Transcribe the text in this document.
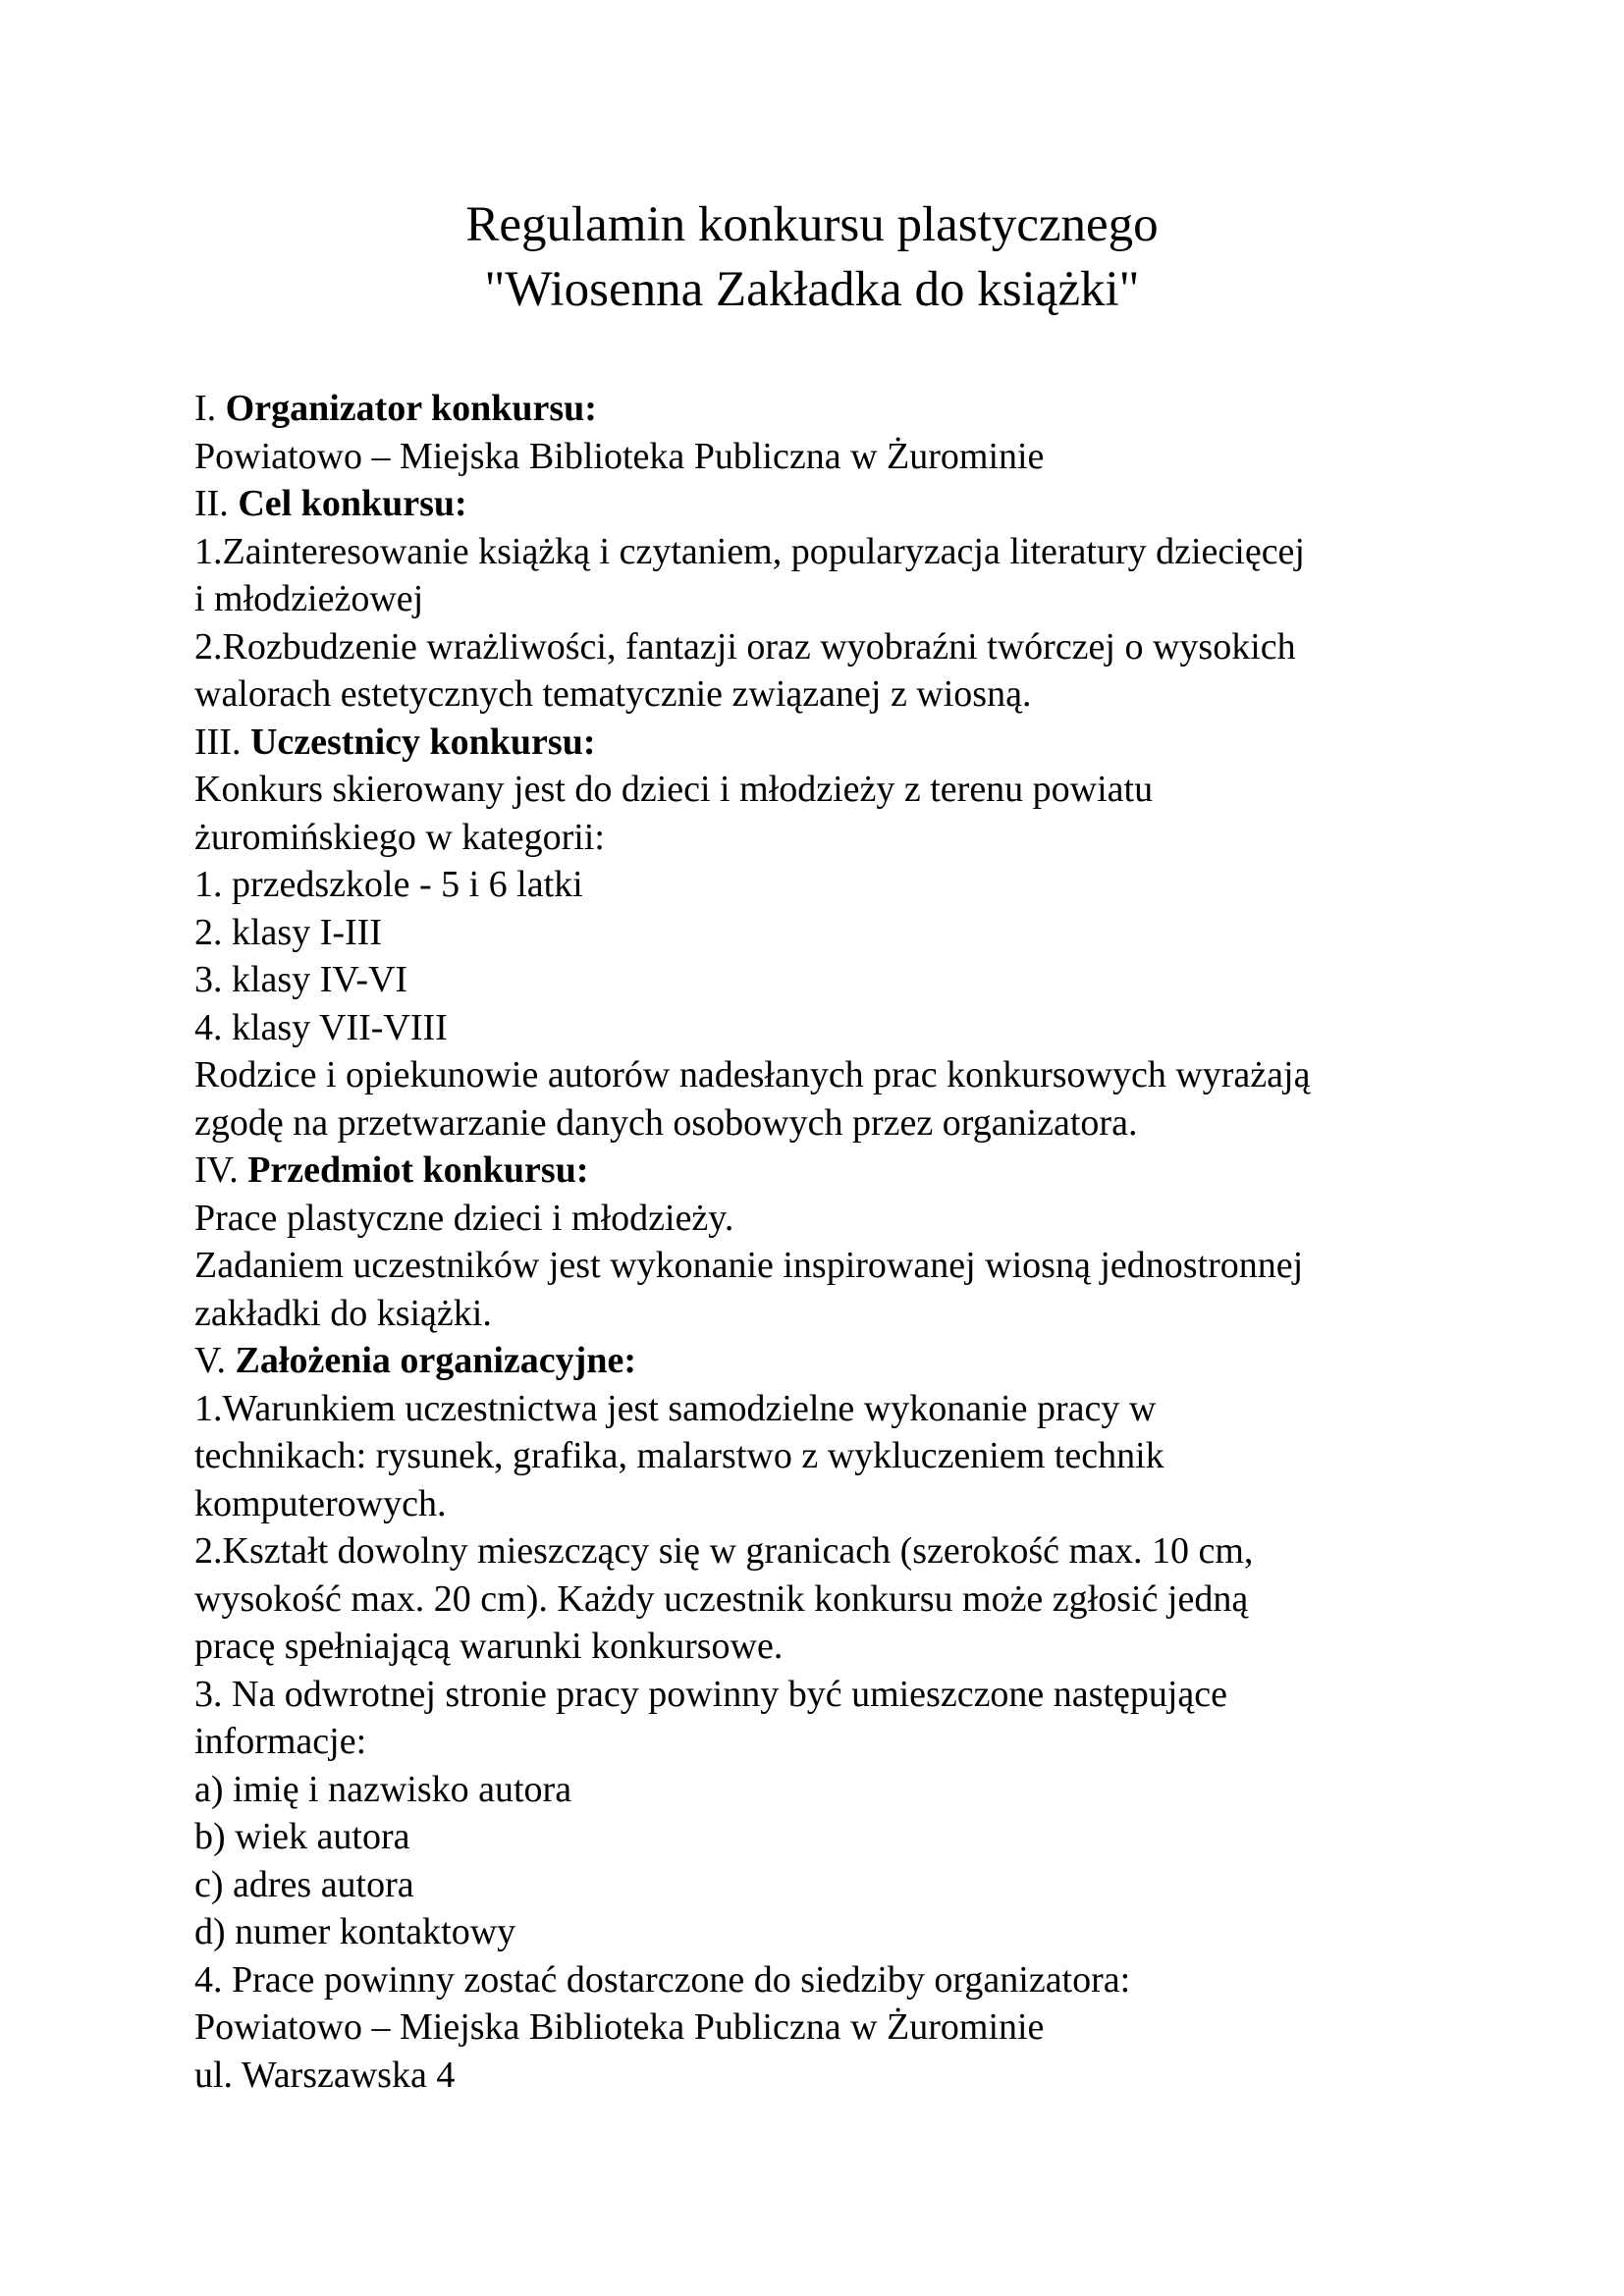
Regulamin konkursu plastycznego
"Wiosenna Zakładka do książki"
I. Organizator konkursu:
Powiatowo – Miejska Biblioteka Publiczna w Żurominie
II. Cel konkursu:
1.Zainteresowanie książką i czytaniem, popularyzacja literatury dziecięcej
i młodzieżowej
2.Rozbudzenie wrażliwości, fantazji oraz wyobraźni twórczej o wysokich
walorach estetycznych tematycznie związanej z wiosną.
III. Uczestnicy konkursu:
Konkurs skierowany jest do dzieci i młodzieży z terenu powiatu
żuromińskiego w kategorii:
1. przedszkole - 5 i 6 latki
2. klasy I-III
3. klasy IV-VI
4. klasy VII-VIII
Rodzice i opiekunowie autorów nadesłanych prac konkursowych wyrażają
zgodę na przetwarzanie danych osobowych przez organizatora.
IV. Przedmiot konkursu:
Prace plastyczne dzieci i młodzieży.
Zadaniem uczestników jest wykonanie inspirowanej wiosną jednostronnej
zakładki do książki.
V. Założenia organizacyjne:
1.Warunkiem uczestnictwa jest samodzielne wykonanie pracy w
technikach: rysunek, grafika, malarstwo z wykluczeniem technik
komputerowych.
2.Kształt dowolny mieszczący się w granicach (szerokość max. 10 cm,
wysokość max. 20 cm). Każdy uczestnik konkursu może zgłosić jedną
pracę spełniającą warunki konkursowe.
3. Na odwrotnej stronie pracy powinny być umieszczone następujące
informacje:
a) imię i nazwisko autora
b) wiek autora
c) adres autora
d) numer kontaktowy
4. Prace powinny zostać dostarczone do siedziby organizatora:
Powiatowo – Miejska Biblioteka Publiczna w Żurominie
ul. Warszawska 4
